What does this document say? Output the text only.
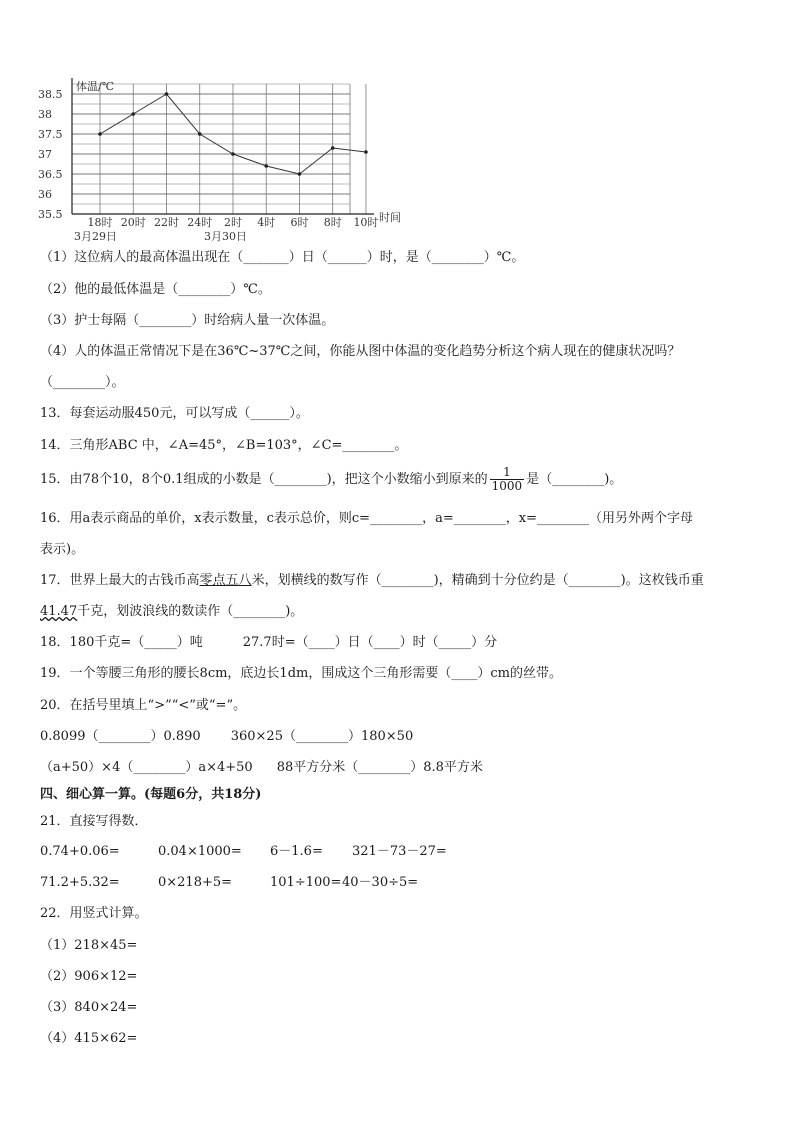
35.5
36
36.5
37
37.5
38
38.5
18时 20时 22时 24时 2时 4时 6时 8时 10时
体温/℃
时间
3月29日	3月30日
（1）这位病人的最高体温出现在（_______）日（______）时，是（________）℃。
（2）他的最低体温是（________）℃。
（3）护士每隔（________）时给病人量一次体温。
（4）人的体温正常情况下是在36℃~37℃之间，你能从图中体温的变化趋势分析这个病人现在的健康状况吗？
（________）。
13．每套运动服450元，可以写成（______）。
14．三角形ABC 中，∠A=45°，∠B=103°，∠C=________。
15．由78个10，8个0.1组成的小数是（________)，把这个小数缩小到原来的 $\frac{1}{1000}$ 是（________)。
16．用a表示商品的单价，x表示数量，c表示总价，则c=________，a=________，x=________（用另外两个字母
表示)。
17．世界上最大的古钱币高零点五八米，划横线的数写作（________)，精确到十分位约是（________)。这枚钱币重
41.47千克，划波浪线的数读作（________)。
18．180千克=（_____）吨	27.7时=（____）日（____）时（_____）分
19．一个等腰三角形的腰长8cm，底边长1dm，围成这个三角形需要（____）cm的丝带。
20．在括号里填上“>”“<”或“=”。
0.8099（________）0.890 360×25（________）180×50
（a+50）×4（________）a×4+50 88平方分米（________）8.8平方米
四、细心算一算。(每题6分，共18分)
21．直接写得数．
0.74+0.06=	0.04×1000= 6－1.6= 321－73－27=
71.2+5.32=	0×218+5=	101÷100=40－30÷5=
22．用竖式计算。
（1）218×45=
（2）906×12=
（3）840×24=
（4）415×62=
